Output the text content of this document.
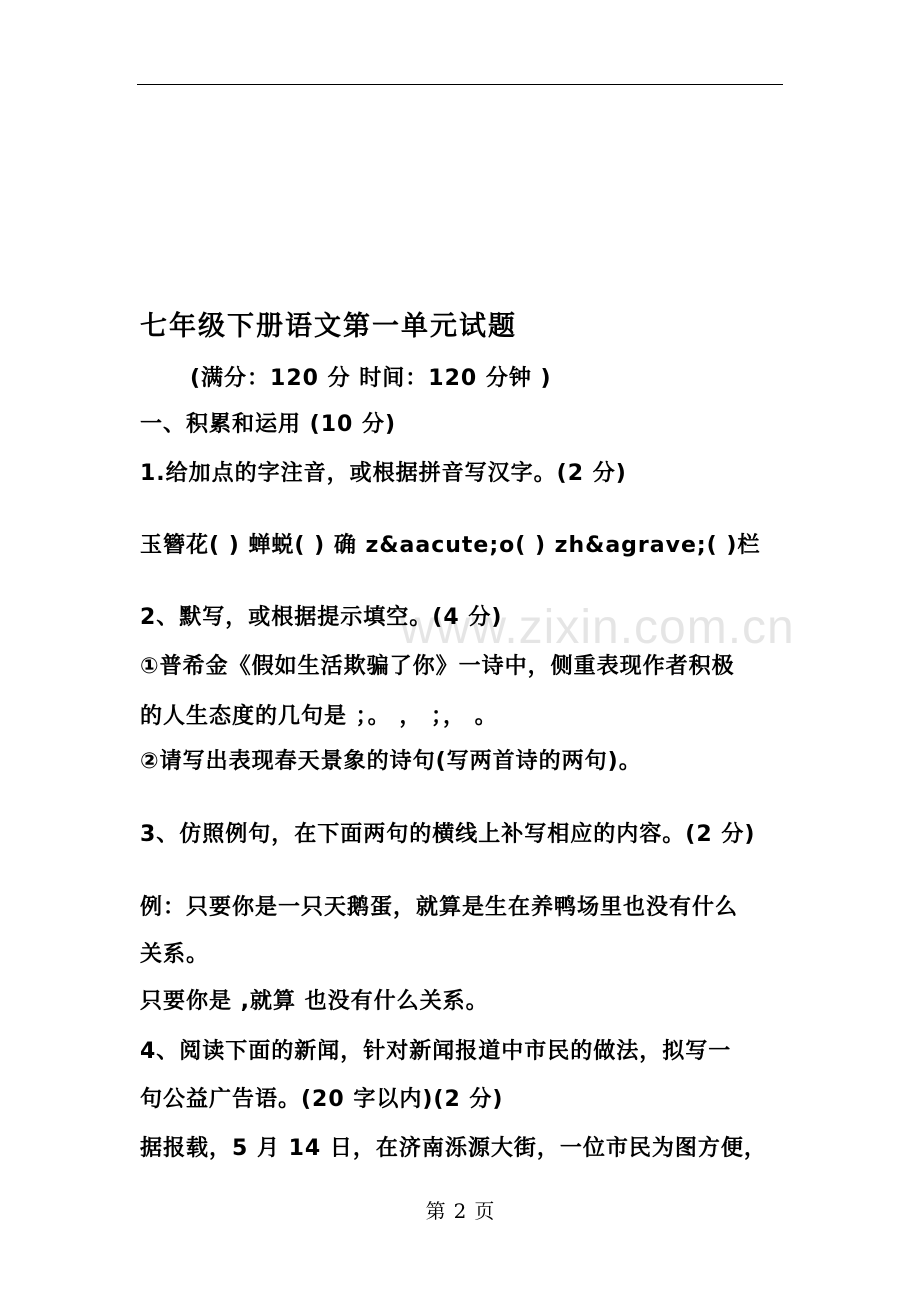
www.zixin.com.cn
七年级下册语文第一单元试题
(满分：120 分 时间：120 分钟 )
一、积累和运用 (10 分)
1.给加点的字注音，或根据拼音写汉字。(2 分)
玉簪花( ) 蝉蜕( ) 确 z&aacute;o( ) zh&agrave;( )栏
2、默写，或根据提示填空。(4 分)
①普希金《假如生活欺骗了你》一诗中，侧重表现作者积极
的人生态度的几句是 ；。 ， ；， 。
②请写出表现春天景象的诗句(写两首诗的两句)。
3、仿照例句，在下面两句的横线上补写相应的内容。(2 分)
例：只要你是一只天鹅蛋，就算是生在养鸭场里也没有什么
关系。
只要你是 ,就算 也没有什么关系。
4、阅读下面的新闻，针对新闻报道中市民的做法，拟写一
句公益广告语。(20 字以内)(2 分)
据报载，5 月 14 日，在济南泺源大街，一位市民为图方便，
第 2 页
